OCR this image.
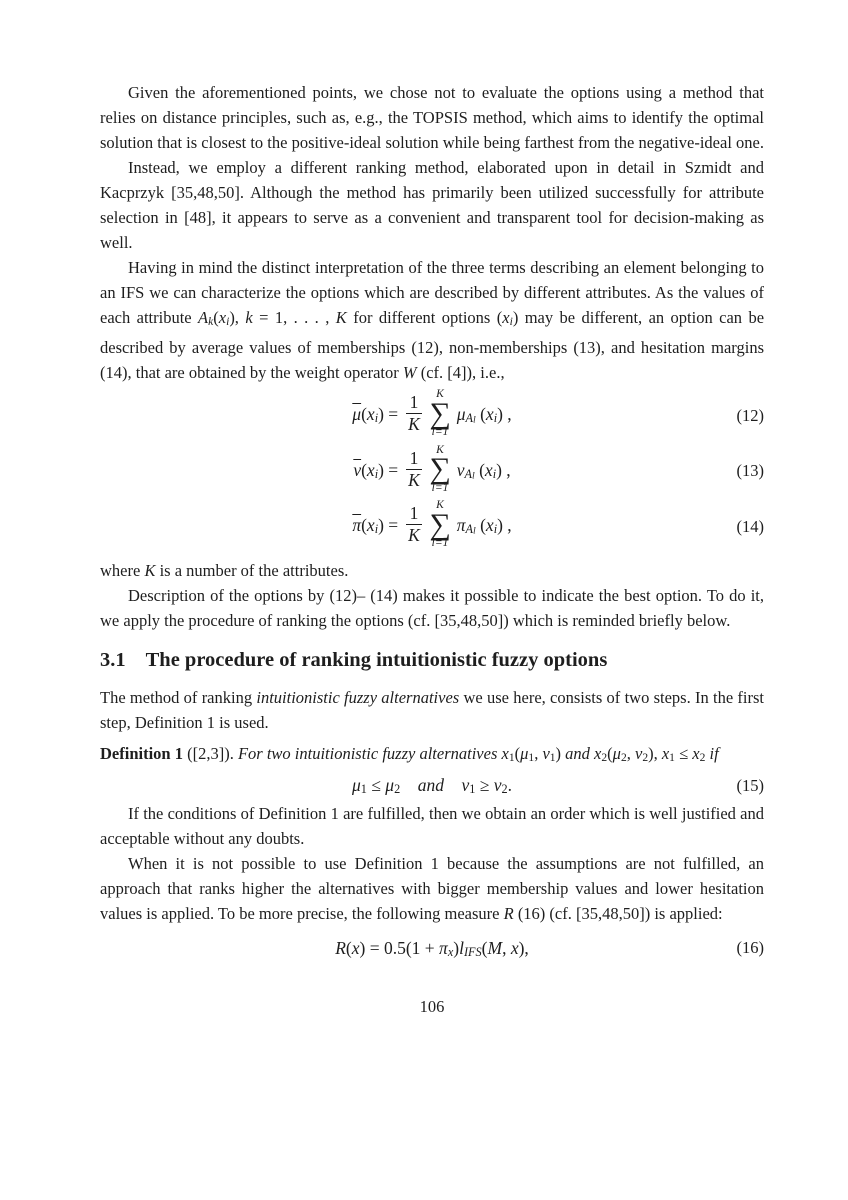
Given the aforementioned points, we chose not to evaluate the options using a method that relies on distance principles, such as, e.g., the TOPSIS method, which aims to identify the optimal solution that is closest to the positive-ideal solution while being farthest from the negative-ideal one.

Instead, we employ a different ranking method, elaborated upon in detail in Szmidt and Kacprzyk [35,48,50]. Although the method has primarily been utilized successfully for attribute selection in [48], it appears to serve as a convenient and transparent tool for decision-making as well.

Having in mind the distinct interpretation of the three terms describing an element belonging to an IFS we can characterize the options which are described by different attributes. As the values of each attribute Ak(xi), k = 1, . . . , K for different options (xi) may be different, an option can be described by average values of memberships (12), non-memberships (13), and hesitation margins (14), that are obtained by the weight operator W (cf. [4]), i.e.,

$\overline{\mu}(xi) = \frac{1}{K}$ K
∑
l=1
μAl (xi) ,	(12)
$\overline{\nu}(xi) = \frac{1}{K}$ K
∑
l=1
νAl (xi) ,	(13)
$\overline{\pi}(xi) = \frac{1}{K}$ K
∑
l=1
πAl (xi) ,	(14)

where K is a number of the attributes.

Description of the options by (12)– (14) makes it possible to indicate the best option. To do it, we apply the procedure of ranking the options (cf. [35,48,50]) which is reminded briefly below.

3.1 The procedure of ranking intuitionistic fuzzy options

The method of ranking intuitionistic fuzzy alternatives we use here, consists of two steps. In the first step, Definition 1 is used.

Definition 1 ([2,3]). For two intuitionistic fuzzy alternatives x1(μ1, ν1) and x2(μ2, ν2), x1 ≤ x2 if

μ1 ≤ μ2  and  ν1 ≥ ν2.	(15)

If the conditions of Definition 1 are fulfilled, then we obtain an order which is well justified and acceptable without any doubts.

When it is not possible to use Definition 1 because the assumptions are not fulfilled, an approach that ranks higher the alternatives with bigger membership values and lower hesitation values is applied. To be more precise, the following measure R (16) (cf. [35,48,50]) is applied:

R(x) = 0.5(1 + πx)lIFS(M, x),	(16)
106
